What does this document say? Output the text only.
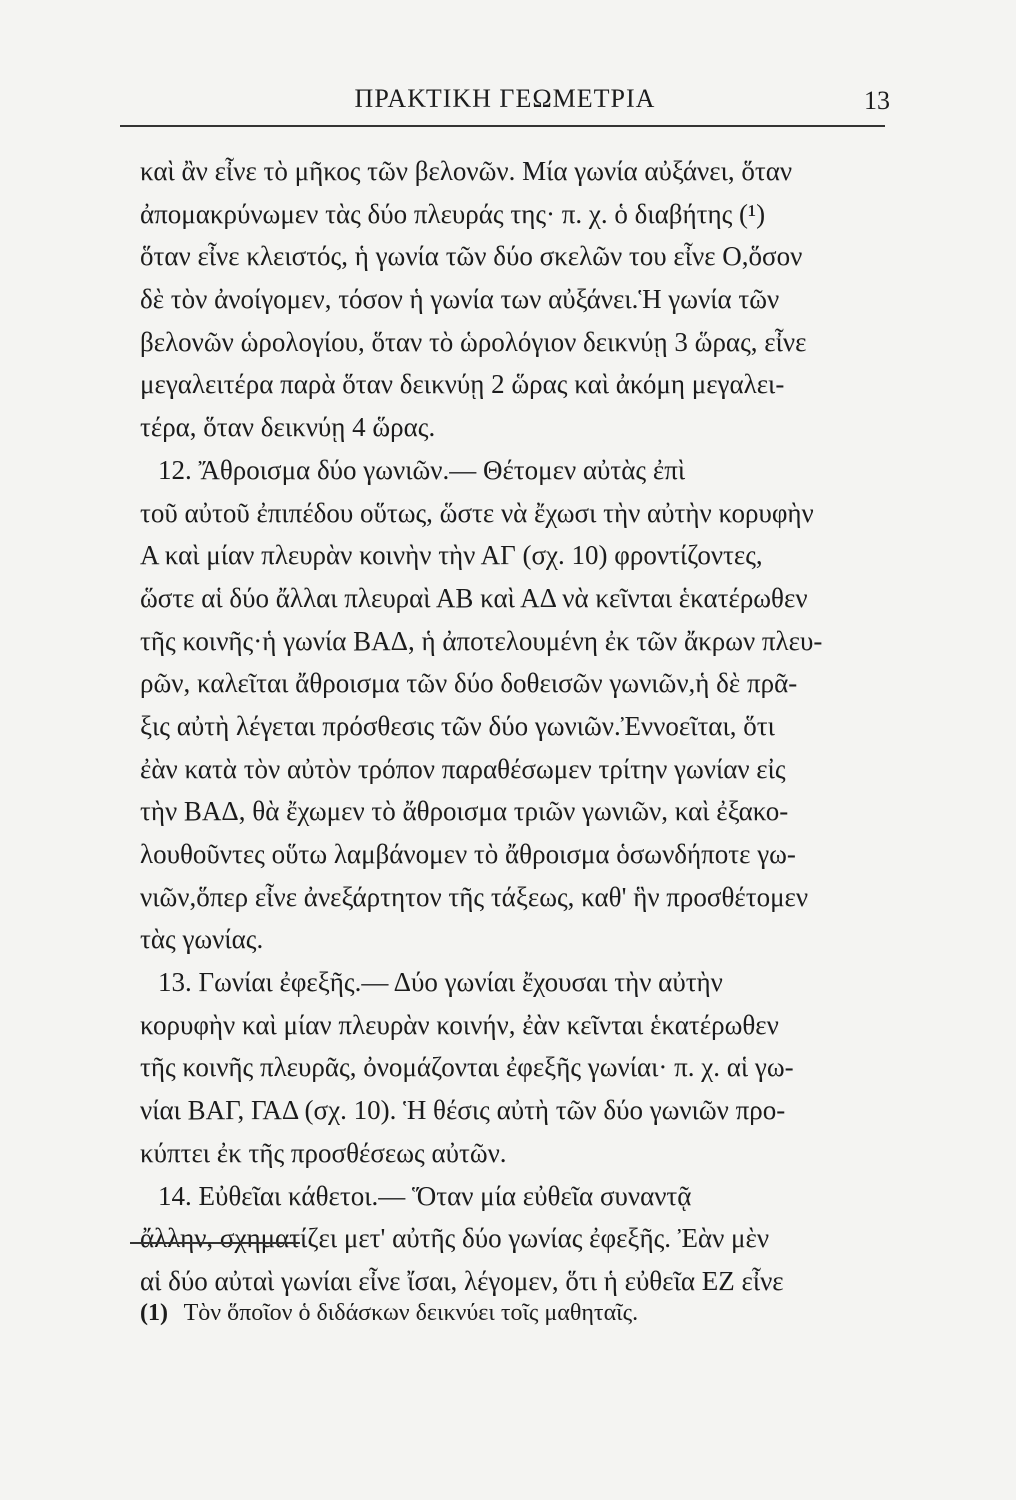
ΠΡΑΚΤΙΚΗ ΓΕΩΜΕΤΡΙΑ	13
καὶ ἂν εἶνε τὸ μῆκος τῶν βελονῶν. Μία γωνία αὐξάνει, ὅταν
ἀπομακρύνωμεν τὰς δύο πλευράς της· π. χ. ὁ διαβήτης (¹)
ὅταν εἶνε κλειστός, ἡ γωνία τῶν δύο σκελῶν του εἶνε Ο,ὅσον
δὲ τὸν ἀνοίγομεν, τόσον ἡ γωνία των αὐξάνει.Ἡ γωνία τῶν
βελονῶν ὡρολογίου, ὅταν τὸ ὡρολόγιον δεικνύῃ 3 ὥρας, εἶνε
μεγαλειτέρα παρὰ ὅταν δεικνύῃ 2 ὥρας καὶ ἀκόμη μεγαλει-
τέρα, ὅταν δεικνύῃ 4 ὥρας.
12. Ἄθροισμα δύο γωνιῶν.— Θέτομεν αὐτὰς ἐπὶ
τοῦ αὐτοῦ ἐπιπέδου οὕτως, ὥστε νὰ ἔχωσι τὴν αὐτὴν κορυφὴν
Α καὶ μίαν πλευρὰν κοινὴν τὴν ΑΓ (σχ. 10) φροντίζοντες,
ὥστε αἱ δύο ἄλλαι πλευραὶ ΑΒ καὶ ΑΔ νὰ κεῖνται ἑκατέρωθεν
τῆς κοινῆς·ἡ γωνία ΒΑΔ, ἡ ἀποτελουμένη ἐκ τῶν ἄκρων πλευ-
ρῶν, καλεῖται ἄθροισμα τῶν δύο δοθεισῶν γωνιῶν,ἡ δὲ πρᾶ-
ξις αὐτὴ λέγεται πρόσθεσις τῶν δύο γωνιῶν.Ἐννοεῖται, ὅτι
ἐὰν κατὰ τὸν αὐτὸν τρόπον παραθέσωμεν τρίτην γωνίαν εἰς
τὴν ΒΑΔ, θὰ ἔχωμεν τὸ ἄθροισμα τριῶν γωνιῶν, καὶ ἐξακο-
λουθοῦντες οὕτω λαμβάνομεν τὸ ἄθροισμα ὁσωνδήποτε γω-
νιῶν,ὅπερ εἶνε ἀνεξάρτητον τῆς τάξεως, καθ' ἣν προσθέτομεν
τὰς γωνίας.
13. Γωνίαι ἐφεξῆς.— Δύο γωνίαι ἔχουσαι τὴν αὐτὴν
κορυφὴν καὶ μίαν πλευρὰν κοινήν, ἐὰν κεῖνται ἑκατέρωθεν
τῆς κοινῆς πλευρᾶς, ὀνομάζονται ἐφεξῆς γωνίαι· π. χ. αἱ γω-
νίαι ΒΑΓ, ΓΑΔ (σχ. 10). Ἡ θέσις αὐτὴ τῶν δύο γωνιῶν προ-
κύπτει ἐκ τῆς προσθέσεως αὐτῶν.
14. Εὐθεῖαι κάθετοι.— Ὅταν μία εὐθεῖα συναντᾷ
ἄλλην, σχηματίζει μετ' αὐτῆς δύο γωνίας ἐφεξῆς. Ἐὰν μὲν
αἱ δύο αὐταὶ γωνίαι εἶνε ἴσαι, λέγομεν, ὅτι ἡ εὐθεῖα ΕΖ εἶνε
(1) Τὸν ὅποῖον ὁ διδάσκων δεικνύει τοῖς μαθηταῖς.
